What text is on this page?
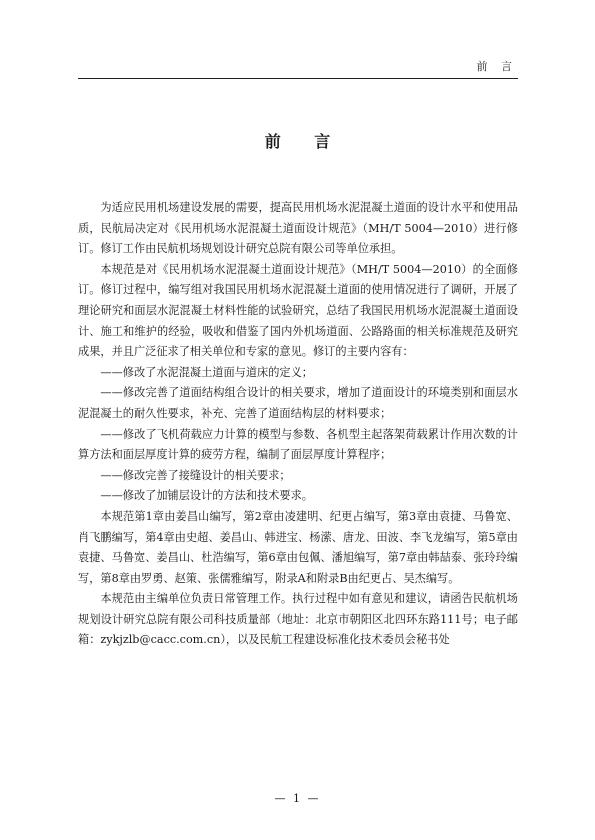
前 言
前 言

为适应民用机场建设发展的需要，提高民用机场水泥混凝土道面的设计水平和使用品质，民航局决定对《民用机场水泥混凝土道面设计规范》（MH/T 5004—2010）进行修订。修订工作由民航机场规划设计研究总院有限公司等单位承担。

本规范是对《民用机场水泥混凝土道面设计规范》（MH/T 5004—2010）的全面修订。修订过程中，编写组对我国民用机场水泥混凝土道面的使用情况进行了调研，开展了理论研究和面层水泥混凝土材料性能的试验研究，总结了我国民用机场水泥混凝土道面设计、施工和维护的经验，吸收和借鉴了国内外机场道面、公路路面的相关标准规范及研究成果，并且广泛征求了相关单位和专家的意见。修订的主要内容有：

——修改了水泥混凝土道面与道床的定义；

——修改完善了道面结构组合设计的相关要求，增加了道面设计的环境类别和面层水泥混凝土的耐久性要求，补充、完善了道面结构层的材料要求；

——修改了飞机荷载应力计算的模型与参数、各机型主起落架荷载累计作用次数的计算方法和面层厚度计算的疲劳方程，编制了面层厚度计算程序；

——修改完善了接缝设计的相关要求；

——修改了加铺层设计的方法和技术要求。

本规范第1章由姜昌山编写，第2章由凌建明、纪更占编写，第3章由袁捷、马鲁宽、肖飞鹏编写，第4章由史超、姜昌山、韩进宝、杨潆、唐龙、田波、李飞龙编写，第5章由袁捷、马鲁宽、姜昌山、杜浩编写，第6章由包佩、潘旭编写，第7章由韩喆泰、张玲玲编写，第8章由罗勇、赵策、张儒雅编写，附录A和附录B由纪更占、吴杰编写。

本规范由主编单位负责日常管理工作。执行过程中如有意见和建议，请函告民航机场规划设计研究总院有限公司科技质量部（地址：北京市朝阳区北四环东路111号；电子邮箱：zykjzlb@cacc.com.cn），以及民航工程建设标准化技术委员会秘书处

— 1 —
